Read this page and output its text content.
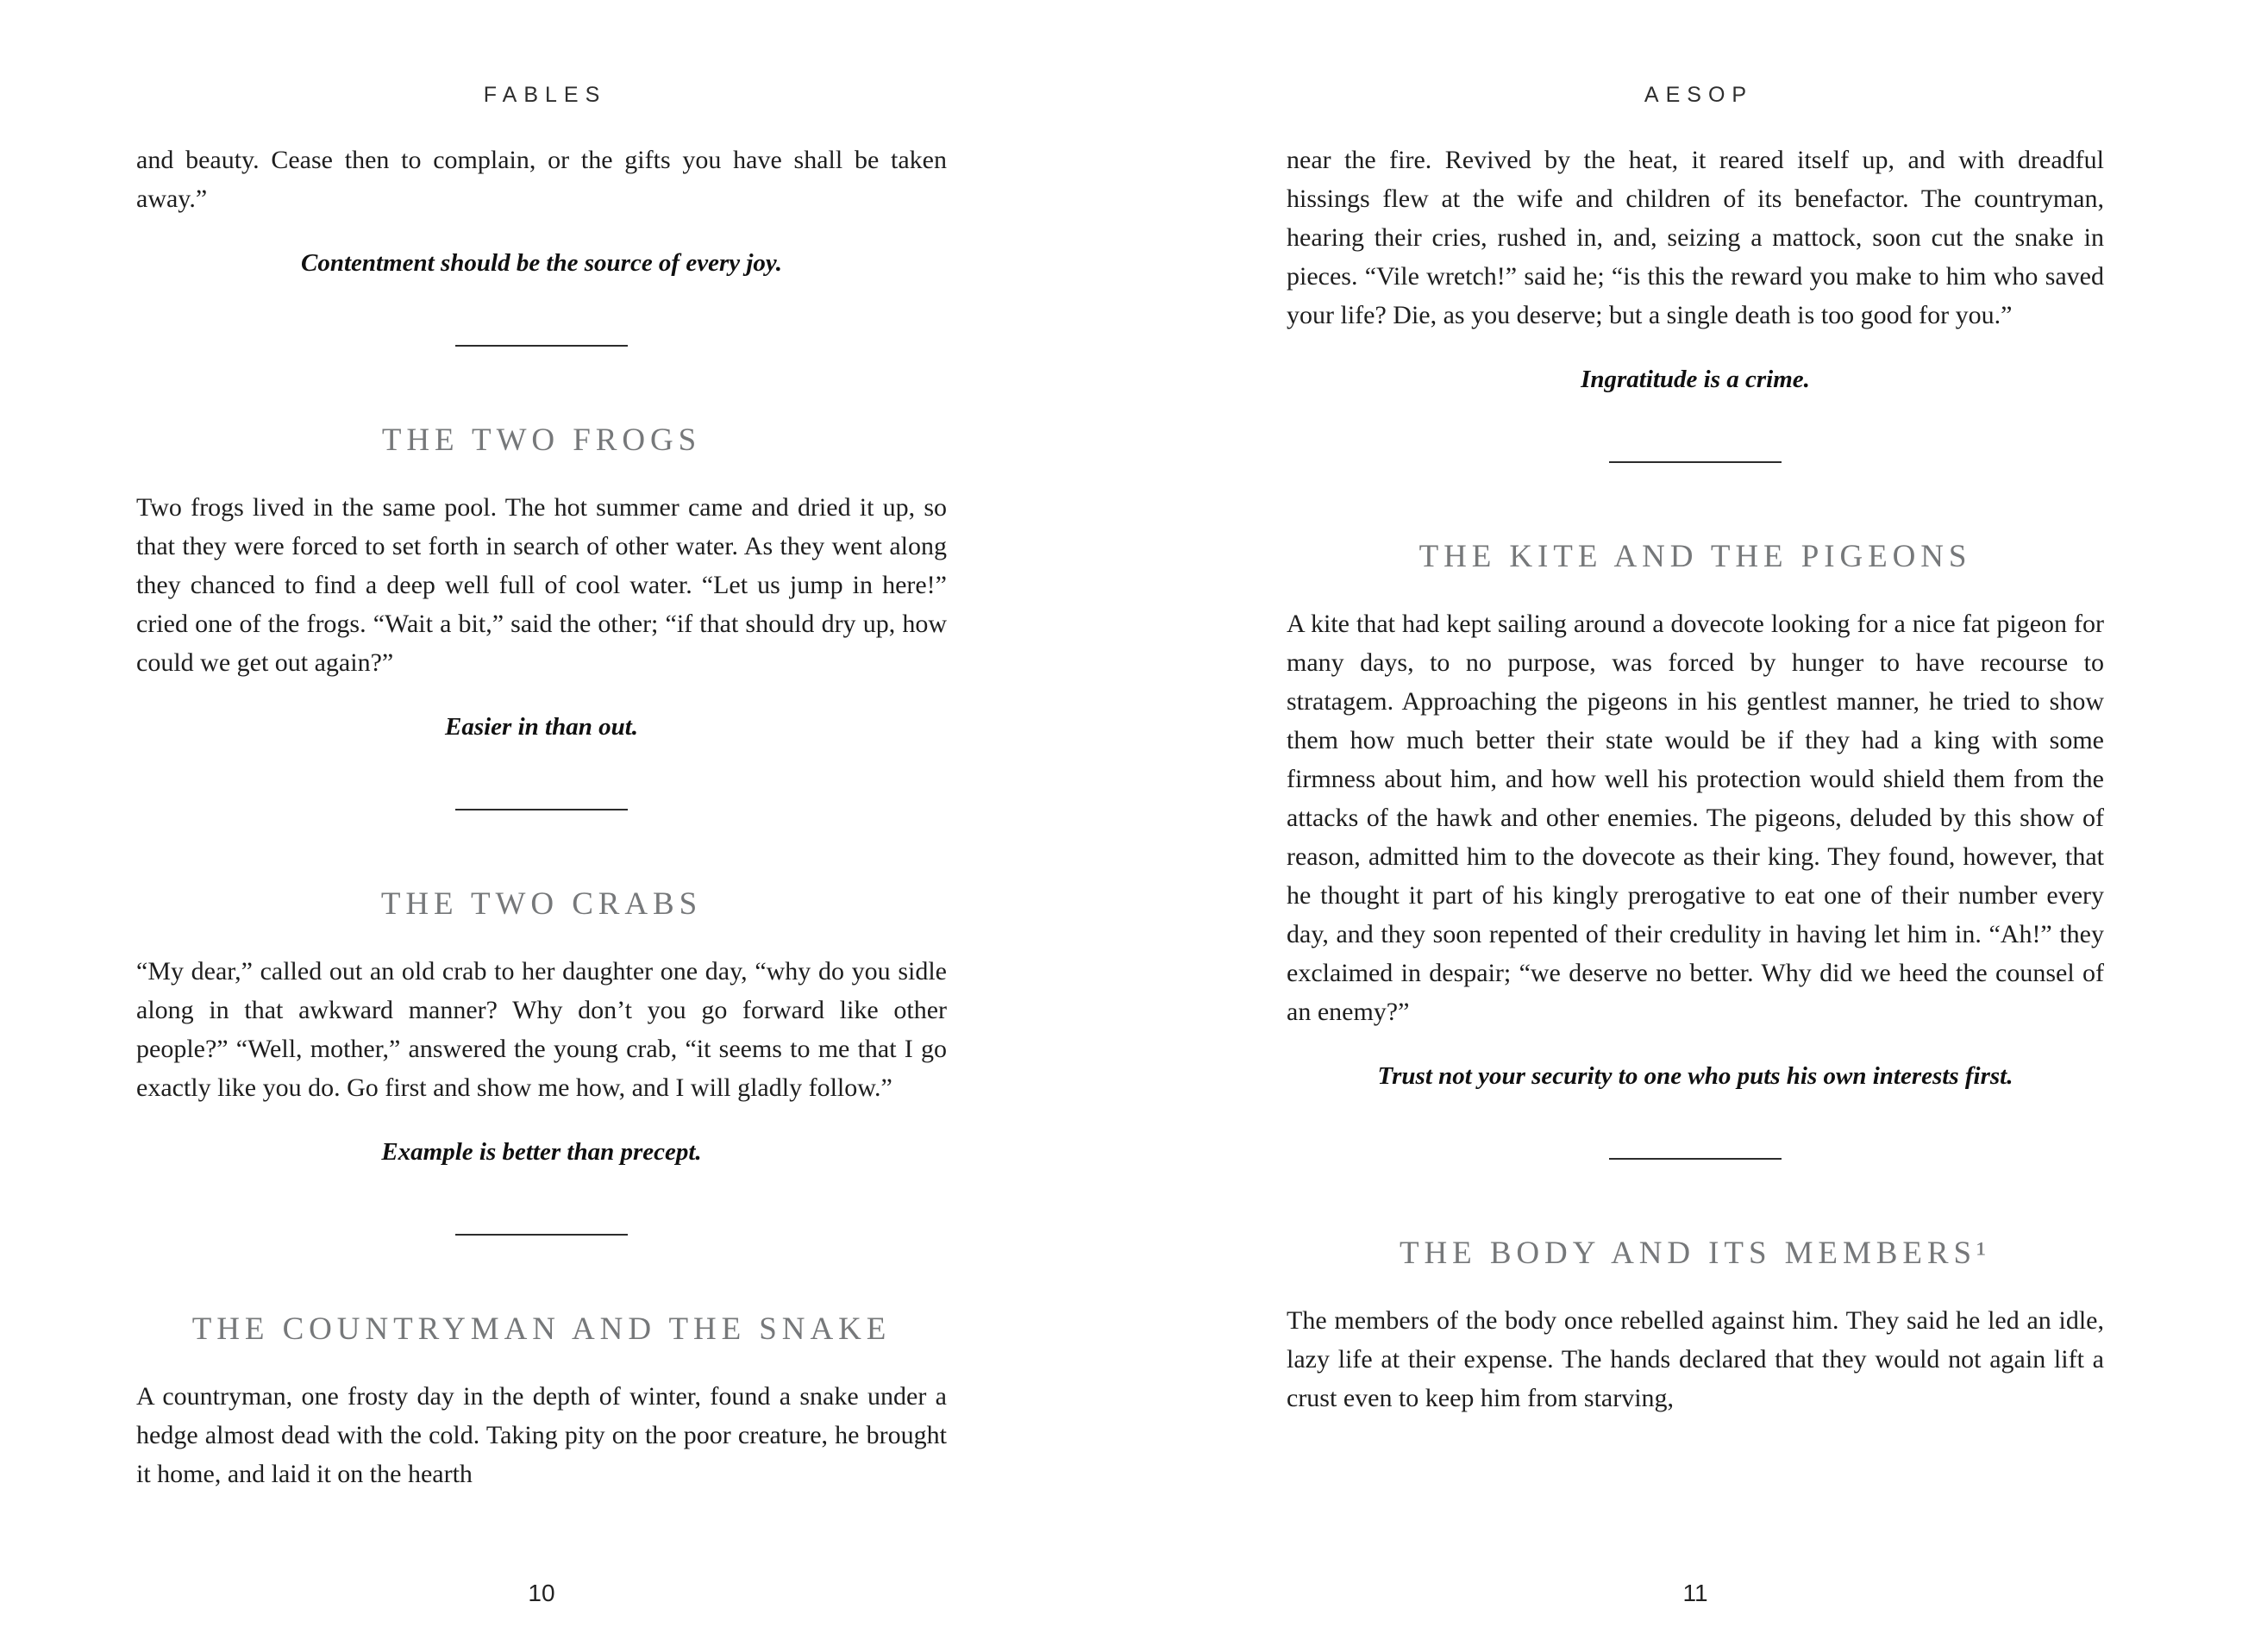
FABLES

and beauty. Cease then to complain, or the gifts you have shall be taken away.”

Contentment should be the source of every joy.

THE TWO FROGS

Two frogs lived in the same pool. The hot summer came and dried it up, so that they were forced to set forth in search of other water. As they went along they chanced to find a deep well full of cool water. “Let us jump in here!” cried one of the frogs. “Wait a bit,” said the other; “if that should dry up, how could we get out again?”

Easier in than out.

THE TWO CRABS

“My dear,” called out an old crab to her daughter one day, “why do you sidle along in that awkward manner? Why don’t you go forward like other people?” “Well, mother,” answered the young crab, “it seems to me that I go exactly like you do. Go first and show me how, and I will gladly follow.”

Example is better than precept.

THE COUNTRYMAN AND THE SNAKE

A countryman, one frosty day in the depth of winter, found a snake under a hedge almost dead with the cold. Taking pity on the poor creature, he brought it home, and laid it on the hearth

10
AESOP

near the fire. Revived by the heat, it reared itself up, and with dreadful hissings flew at the wife and children of its benefactor. The countryman, hearing their cries, rushed in, and, seizing a mattock, soon cut the snake in pieces. “Vile wretch!” said he; “is this the reward you make to him who saved your life? Die, as you deserve; but a single death is too good for you.”

Ingratitude is a crime.

THE KITE AND THE PIGEONS

A kite that had kept sailing around a dovecote looking for a nice fat pigeon for many days, to no purpose, was forced by hunger to have recourse to stratagem. Approaching the pigeons in his gentlest manner, he tried to show them how much better their state would be if they had a king with some firmness about him, and how well his protection would shield them from the attacks of the hawk and other enemies. The pigeons, deluded by this show of reason, admitted him to the dovecote as their king. They found, however, that he thought it part of his kingly prerogative to eat one of their number every day, and they soon repented of their credulity in having let him in. “Ah!” they exclaimed in despair; “we deserve no better. Why did we heed the counsel of an enemy?”

Trust not your security to one who puts his own interests first.

THE BODY AND ITS MEMBERS¹

The members of the body once rebelled against him. They said he led an idle, lazy life at their expense. The hands declared that they would not again lift a crust even to keep him from starving,

11
